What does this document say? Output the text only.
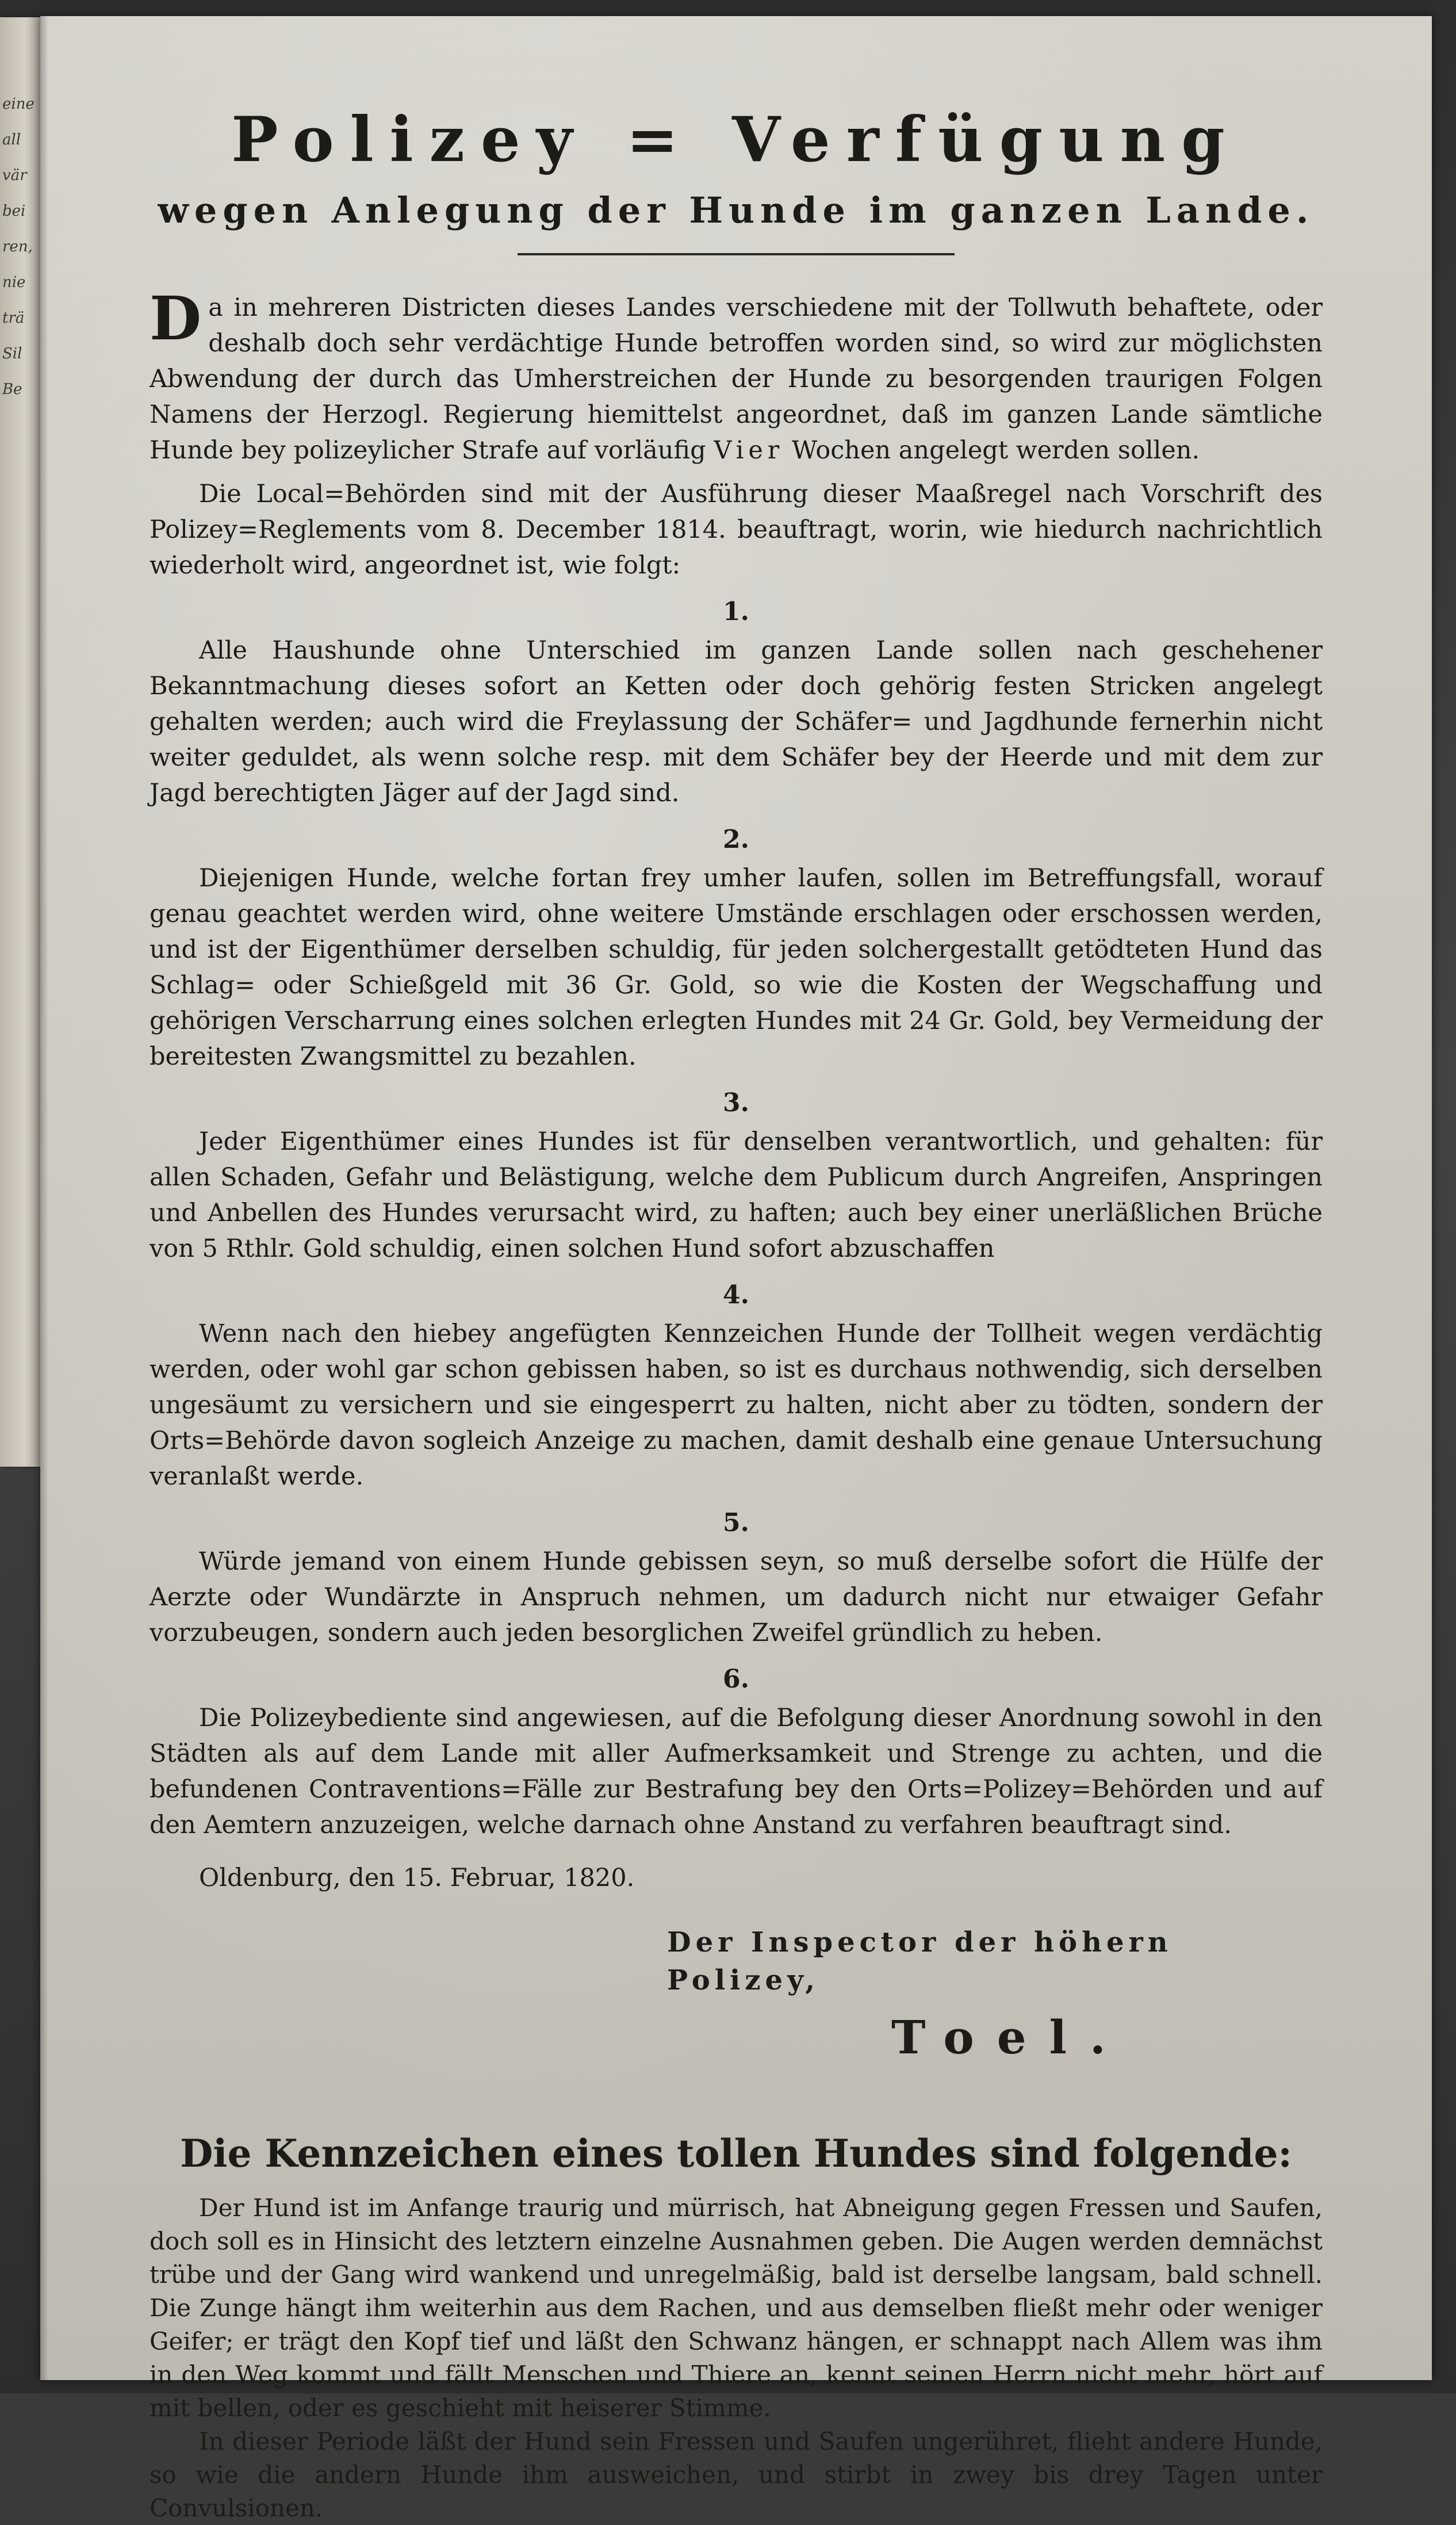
eine
all
vär
bei
ren,
nie
trä
Sil
Be
Polizey = Verfügung
wegen Anlegung der Hunde im ganzen Lande.

Da in mehreren Districten dieses Landes verschiedene mit der Tollwuth behaftete, oder deshalb doch sehr verdächtige Hunde betroffen worden sind, so wird zur möglichsten Abwendung der durch das Umherstreichen der Hunde zu besorgenden traurigen Folgen Namens der Herzogl. Regierung hiemittelst angeordnet, daß im ganzen Lande sämtliche Hunde bey polizeylicher Strafe auf vorläufig Vier Wochen angelegt werden sollen.

Die Local=Behörden sind mit der Ausführung dieser Maaßregel nach Vorschrift des Polizey=Reglements vom 8. December 1814. beauftragt, worin, wie hiedurch nachrichtlich wiederholt wird, angeordnet ist, wie folgt:

1.

Alle Haushunde ohne Unterschied im ganzen Lande sollen nach geschehener Bekanntmachung dieses sofort an Ketten oder doch gehörig festen Stricken angelegt gehalten werden; auch wird die Freylassung der Schäfer= und Jagdhunde fernerhin nicht weiter geduldet, als wenn solche resp. mit dem Schäfer bey der Heerde und mit dem zur Jagd berechtigten Jäger auf der Jagd sind.

2.

Diejenigen Hunde, welche fortan frey umher laufen, sollen im Betreffungsfall, worauf genau geachtet werden wird, ohne weitere Umstände erschlagen oder erschossen werden, und ist der Eigenthümer derselben schuldig, für jeden solchergestallt getödteten Hund das Schlag= oder Schießgeld mit 36 Gr. Gold, so wie die Kosten der Wegschaffung und gehörigen Verscharrung eines solchen erlegten Hundes mit 24 Gr. Gold, bey Vermeidung der bereitesten Zwangsmittel zu bezahlen.

3.

Jeder Eigenthümer eines Hundes ist für denselben verantwortlich, und gehalten: für allen Schaden, Gefahr und Belästigung, welche dem Publicum durch Angreifen, Anspringen und Anbellen des Hundes verursacht wird, zu haften; auch bey einer unerläßlichen Brüche von 5 Rthlr. Gold schuldig, einen solchen Hund sofort abzuschaffen

4.

Wenn nach den hiebey angefügten Kennzeichen Hunde der Tollheit wegen verdächtig werden, oder wohl gar schon gebissen haben, so ist es durchaus nothwendig, sich derselben ungesäumt zu versichern und sie eingesperrt zu halten, nicht aber zu tödten, sondern der Orts=Behörde davon sogleich Anzeige zu machen, damit deshalb eine genaue Untersuchung veranlaßt werde.

5.

Würde jemand von einem Hunde gebissen seyn, so muß derselbe sofort die Hülfe der Aerzte oder Wundärzte in Anspruch nehmen, um dadurch nicht nur etwaiger Gefahr vorzubeugen, sondern auch jeden besorglichen Zweifel gründlich zu heben.

6.

Die Polizeybediente sind angewiesen, auf die Befolgung dieser Anordnung sowohl in den Städten als auf dem Lande mit aller Aufmerksamkeit und Strenge zu achten, und die befundenen Contraventions=Fälle zur Bestrafung bey den Orts=Polizey=Behörden und auf den Aemtern anzuzeigen, welche darnach ohne Anstand zu verfahren beauftragt sind.

Oldenburg, den 15. Februar, 1820.
Der Inspector der höhern Polizey,
Toel.
Die Kennzeichen eines tollen Hundes sind folgende:

Der Hund ist im Anfange traurig und mürrisch, hat Abneigung gegen Fressen und Saufen, doch soll es in Hinsicht des letztern einzelne Ausnahmen geben. Die Augen werden demnächst trübe und der Gang wird wankend und unregelmäßig, bald ist derselbe langsam, bald schnell. Die Zunge hängt ihm weiterhin aus dem Rachen, und aus demselben fließt mehr oder weniger Geifer; er trägt den Kopf tief und läßt den Schwanz hängen, er schnappt nach Allem was ihm in den Weg kommt und fällt Menschen und Thiere an, kennt seinen Herrn nicht mehr, hört auf mit bellen, oder es geschieht mit heiserer Stimme.

In dieser Periode läßt der Hund sein Fressen und Saufen ungerühret, flieht andere Hunde, so wie die andern Hunde ihm ausweichen, und stirbt in zwey bis drey Tagen unter Convulsionen.
